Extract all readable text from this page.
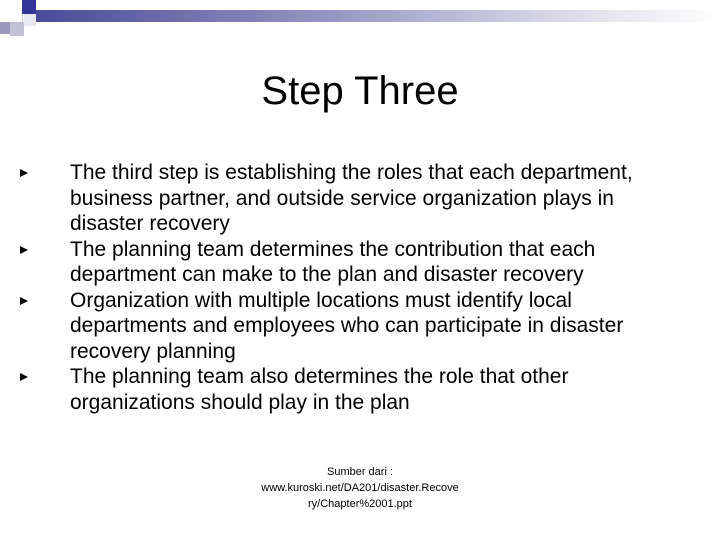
Step Three
The third step is establishing the roles that each department, business partner, and outside service organization plays in disaster recovery
The planning team determines the contribution that each department can make to the plan and disaster recovery
Organization with multiple locations must identify local departments and employees who can participate in disaster recovery planning
The planning team also determines the role that other organizations should play in the plan
Sumber dari :
www.kuroski.net/DA201/disaster.Recove
ry/Chapter%2001.ppt
